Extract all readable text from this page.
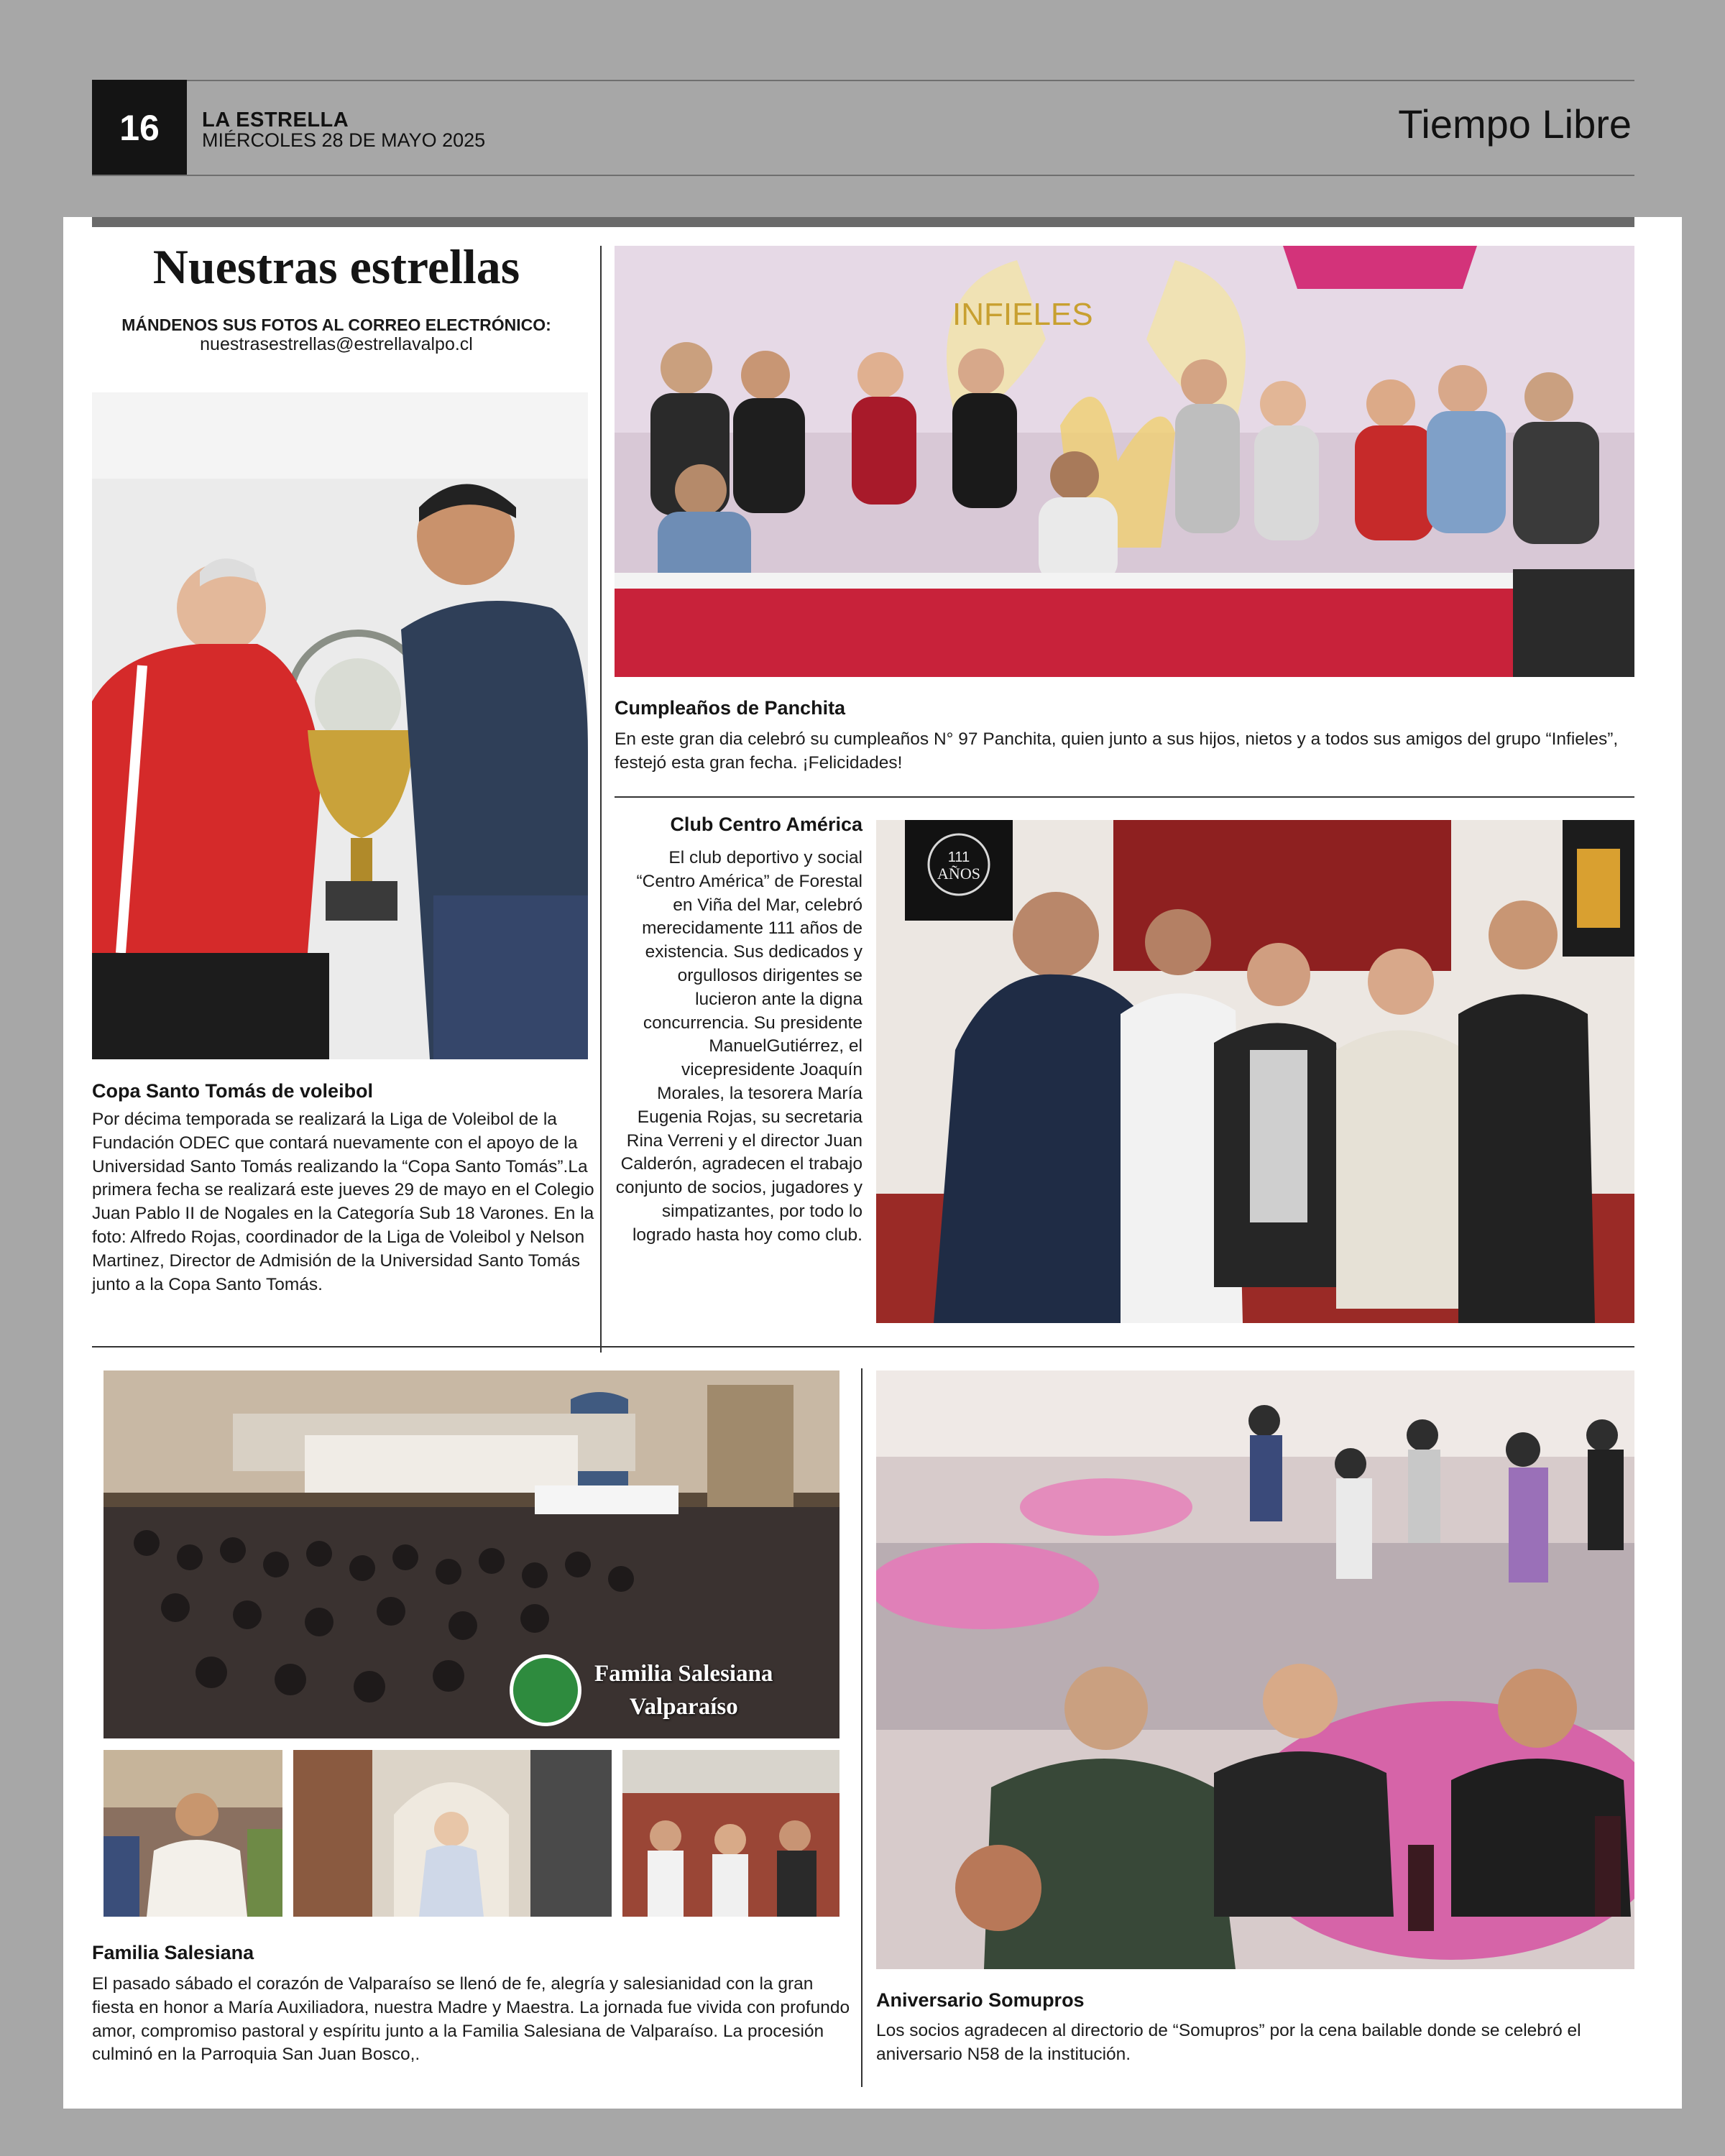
16	LA ESTRELLA
MIÉRCOLES 28 DE MAYO 2025	Tiempo Libre
Nuestras estrellas
MÁNDENOS SUS FOTOS AL CORREO ELECTRÓNICO:
nuestrasestrellas@estrellavalpo.cl
Copa Santo Tomás de voleibol
Por décima temporada se realizará la Liga de Voleibol de la Fundación ODEC que contará nuevamente con el apoyo de la Universidad Santo Tomás realizando la “Copa Santo Tomás”.La primera fecha se realizará este jueves 29 de mayo en el Colegio Juan Pablo II de Nogales en la Categoría Sub 18 Varones. En la foto: Alfredo Rojas, coordinador de la Liga de Voleibol y Nelson Martinez, Director de Admisión de la Universidad Santo Tomás junto a la Copa Santo Tomás.
INFIELES
Cumpleaños de Panchita
En este gran dia celebró su cumpleaños N° 97 Panchita, quien junto a sus hijos, nietos y a todos sus amigos del grupo “Infieles”, festejó esta gran fecha. ¡Felicidades!
Club Centro América
El club deportivo y social “Centro América” de Forestal en Viña del Mar, celebró merecidamente 111 años de existencia. Sus dedicados y orgullosos dirigentes se lucieron ante la digna concurrencia. Su presidente ManuelGutiérrez, el vicepresidente Joaquín Morales, la tesorera María Eugenia Rojas, su secretaria Rina Verreni y el director Juan Calderón, agradecen el trabajo conjunto de socios, jugadores y simpatizantes, por todo lo logrado hasta hoy como club.
111
AÑOS
Familia Salesiana
Valparaíso
Familia Salesiana
El pasado sábado el corazón de Valparaíso se llenó de fe, alegría y salesianidad con la gran fiesta en honor a María Auxiliadora, nuestra Madre y Maestra. La jornada fue vivida con profundo amor, compromiso pastoral y espíritu junto a la Familia Salesiana de Valparaíso. La procesión culminó en la Parroquia San Juan Bosco,.
Aniversario Somupros
Los socios agradecen al directorio de “Somupros” por la cena bailable donde se celebró el aniversario N58 de la institución.
